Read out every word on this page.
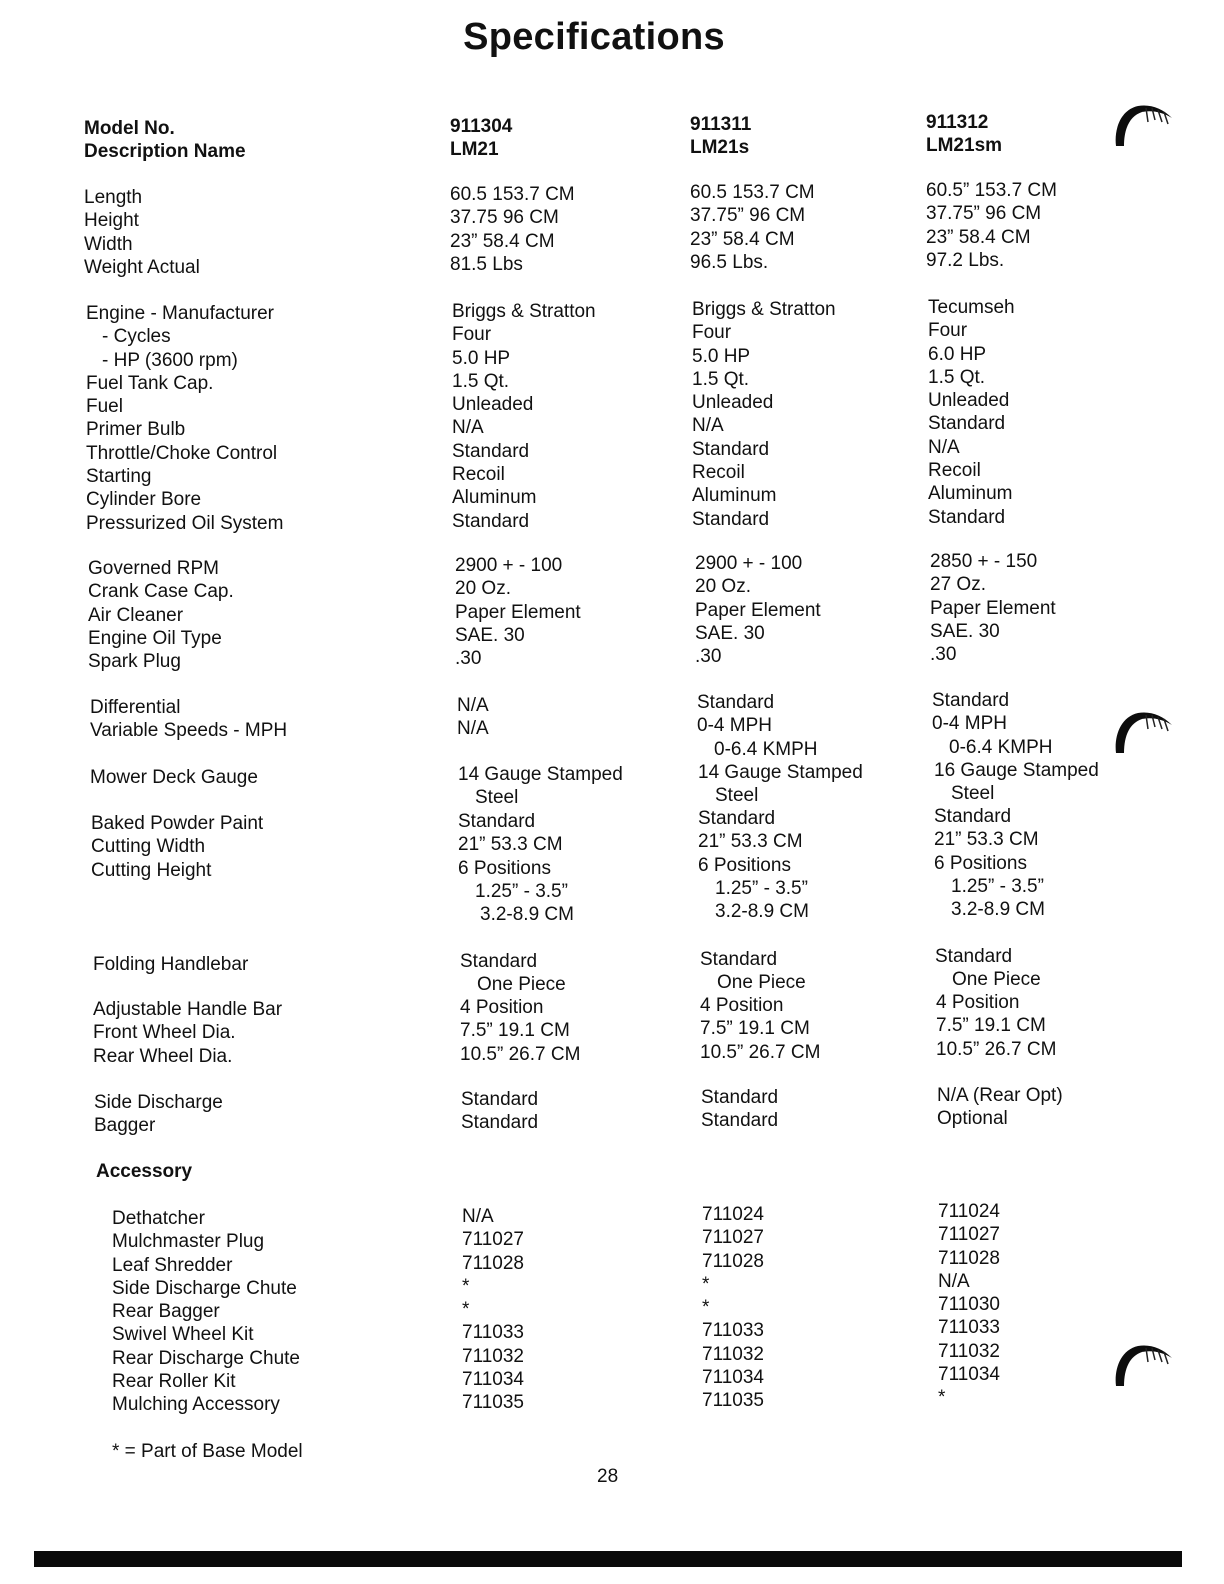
Specifications
Model No.
Description Name
Length
Height
Width
Weight Actual
Engine - Manufacturer
- Cycles
- HP (3600 rpm)
Fuel Tank Cap.
Fuel
Primer Bulb
Throttle/Choke Control
Starting
Cylinder Bore
Pressurized Oil System
Governed RPM
Crank Case Cap.
Air Cleaner
Engine Oil Type
Spark Plug
Differential
Variable Speeds - MPH
Mower Deck Gauge
Baked Powder Paint
Cutting Width
Cutting Height
Folding Handlebar
Adjustable Handle Bar
Front Wheel Dia.
Rear Wheel Dia.
Side Discharge
Bagger
Accessory
Dethatcher
Mulchmaster Plug
Leaf Shredder
Side Discharge Chute
Rear Bagger
Swivel Wheel Kit
Rear Discharge Chute
Rear Roller Kit
Mulching Accessory
911304
LM21
60.5 153.7 CM
37.75 96 CM
23” 58.4 CM
81.5 Lbs
Briggs & Stratton
Four
5.0 HP
1.5 Qt.
Unleaded
N/A
Standard
Recoil
Aluminum
Standard
2900 + - 100
20 Oz.
Paper Element
SAE. 30
.30
N/A
N/A
14 Gauge Stamped
Steel
Standard
21” 53.3 CM
6 Positions
1.25” - 3.5”
3.2-8.9 CM
Standard
One Piece
4 Position
7.5” 19.1 CM
10.5” 26.7 CM
Standard
Standard
N/A
711027
711028
*
*
711033
711032
711034
711035
911311
LM21s
60.5 153.7 CM
37.75” 96 CM
23” 58.4 CM
96.5 Lbs.
Briggs & Stratton
Four
5.0 HP
1.5 Qt.
Unleaded
N/A
Standard
Recoil
Aluminum
Standard
2900 + - 100
20 Oz.
Paper Element
SAE. 30
.30
Standard
0-4 MPH
0-6.4 KMPH
14 Gauge Stamped
Steel
Standard
21” 53.3 CM
6 Positions
1.25” - 3.5”
3.2-8.9 CM
Standard
One Piece
4 Position
7.5” 19.1 CM
10.5” 26.7 CM
Standard
Standard
711024
711027
711028
*
*
711033
711032
711034
711035
911312
LM21sm
60.5” 153.7 CM
37.75” 96 CM
23” 58.4 CM
97.2 Lbs.
Tecumseh
Four
6.0 HP
1.5 Qt.
Unleaded
Standard
N/A
Recoil
Aluminum
Standard
2850 + - 150
27 Oz.
Paper Element
SAE. 30
.30
Standard
0-4 MPH
0-6.4 KMPH
16 Gauge Stamped
Steel
Standard
21” 53.3 CM
6 Positions
1.25” - 3.5”
3.2-8.9 CM
Standard
One Piece
4 Position
7.5” 19.1 CM
10.5” 26.7 CM
N/A (Rear Opt)
Optional
711024
711027
711028
N/A
711030
711033
711032
711034
*
* = Part of Base Model
28
